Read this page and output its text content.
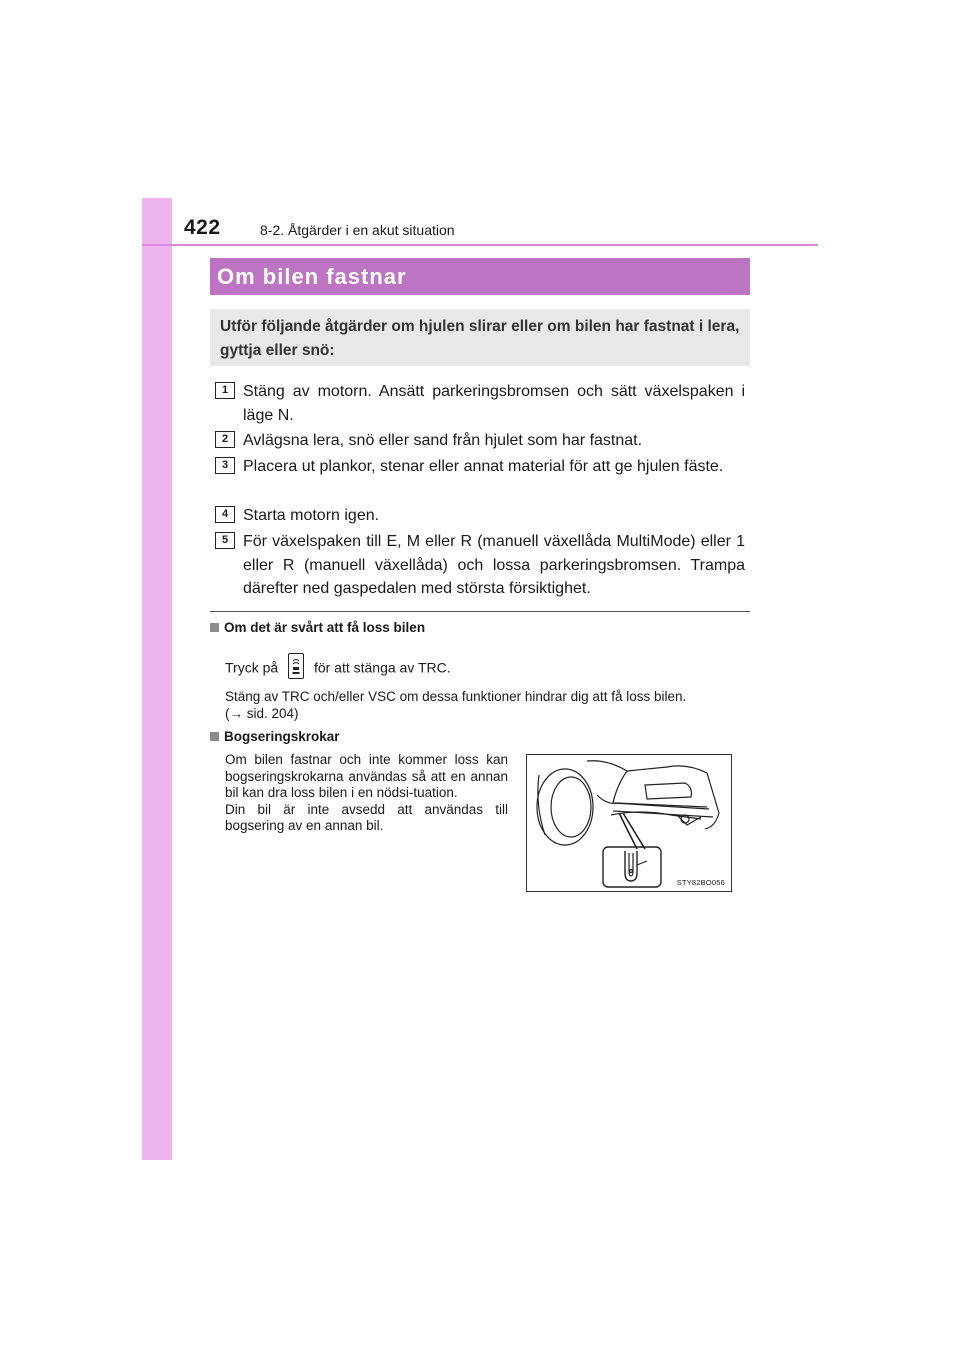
422	8-2. Åtgärder i en akut situation
Om bilen fastnar
Utför följande åtgärder om hjulen slirar eller om bilen har fastnat i lera, gyttja eller snö:
1 Stäng av motorn. Ansätt parkeringsbromsen och sätt växelspaken i läge N.
2 Avlägsna lera, snö eller sand från hjulet som har fastnat.
3 Placera ut plankor, stenar eller annat material för att ge hjulen fäste.
4 Starta motorn igen.
5 För växelspaken till E, M eller R (manuell växellåda MultiMode) eller 1 eller R (manuell växellåda) och lossa parkeringsbromsen. Trampa därefter ned gaspedalen med största försiktighet.
Om det är svårt att få loss bilen
Tryck på	för att stänga av TRC.
Stäng av TRC och/eller VSC om dessa funktioner hindrar dig att få loss bilen.
(→ sid. 204)
Bogseringskrokar
Om bilen fastnar och inte kommer loss kan bogseringskrokarna användas så att en annan bil kan dra loss bilen i en nödsi-tuation.
Din bil är inte avsedd att användas till bogsering av en annan bil.
STY82BO056
